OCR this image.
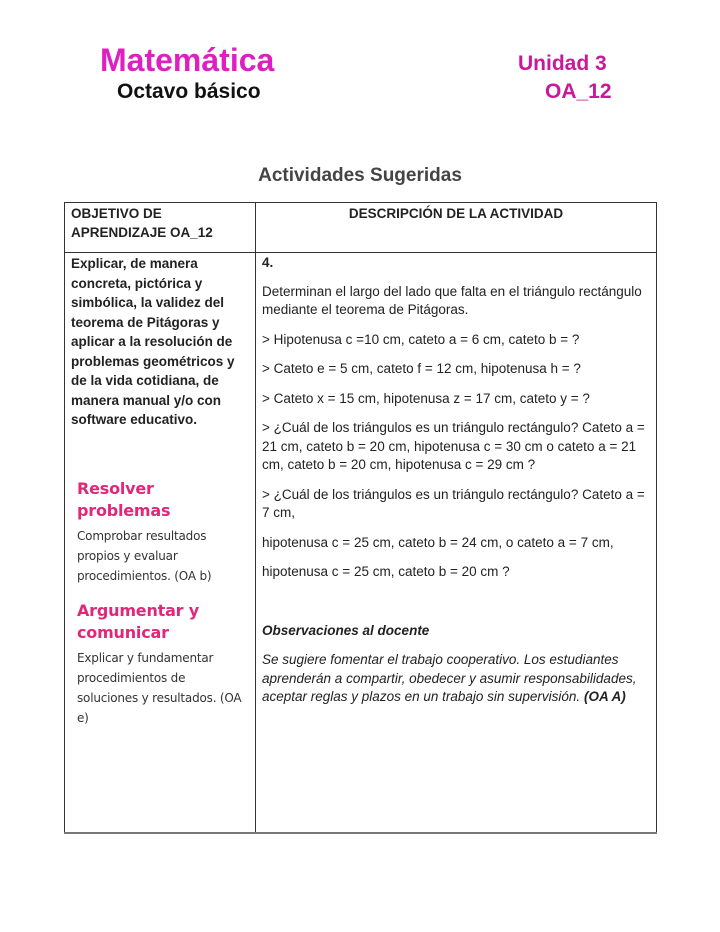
Matemática
Octavo básico
Unidad 3
OA_12
Actividades Sugeridas
OBJETIVO DE APRENDIZAJE OA_12	DESCRIPCIÓN DE LA ACTIVIDAD

Explicar, de manera concreta, pictórica y simbólica, la validez del teorema de Pitágoras y aplicar a la resolución de problemas geométricos y de la vida cotidiana, de manera manual y/o con software educativo.
Resolver problemas
Comprobar resultados propios y evaluar procedimientos. (OA b)
Argumentar y comunicar
Explicar y fundamentar procedimientos de soluciones y resultados. (OA e)

4.
Determinan el largo del lado que falta en el triángulo rectángulo mediante el teorema de Pitágoras.
> Hipotenusa c =10 cm, cateto a = 6 cm, cateto b = ?
> Cateto e = 5 cm, cateto f = 12 cm, hipotenusa h = ?
> Cateto x = 15 cm, hipotenusa z = 17 cm, cateto y = ?
> ¿Cuál de los triángulos es un triángulo rectángulo? Cateto a = 21 cm, cateto b = 20 cm, hipotenusa c = 30 cm o cateto a = 21 cm, cateto b = 20 cm, hipotenusa c = 29 cm ?
> ¿Cuál de los triángulos es un triángulo rectángulo? Cateto a = 7 cm,
hipotenusa c = 25 cm, cateto b = 24 cm, o cateto a = 7 cm,
hipotenusa c = 25 cm, cateto b = 20 cm ?
Observaciones al docente
Se sugiere fomentar el trabajo cooperativo. Los estudiantes aprenderán a compartir, obedecer y asumir responsabilidades, aceptar reglas y plazos en un trabajo sin supervisión. (OA A)
